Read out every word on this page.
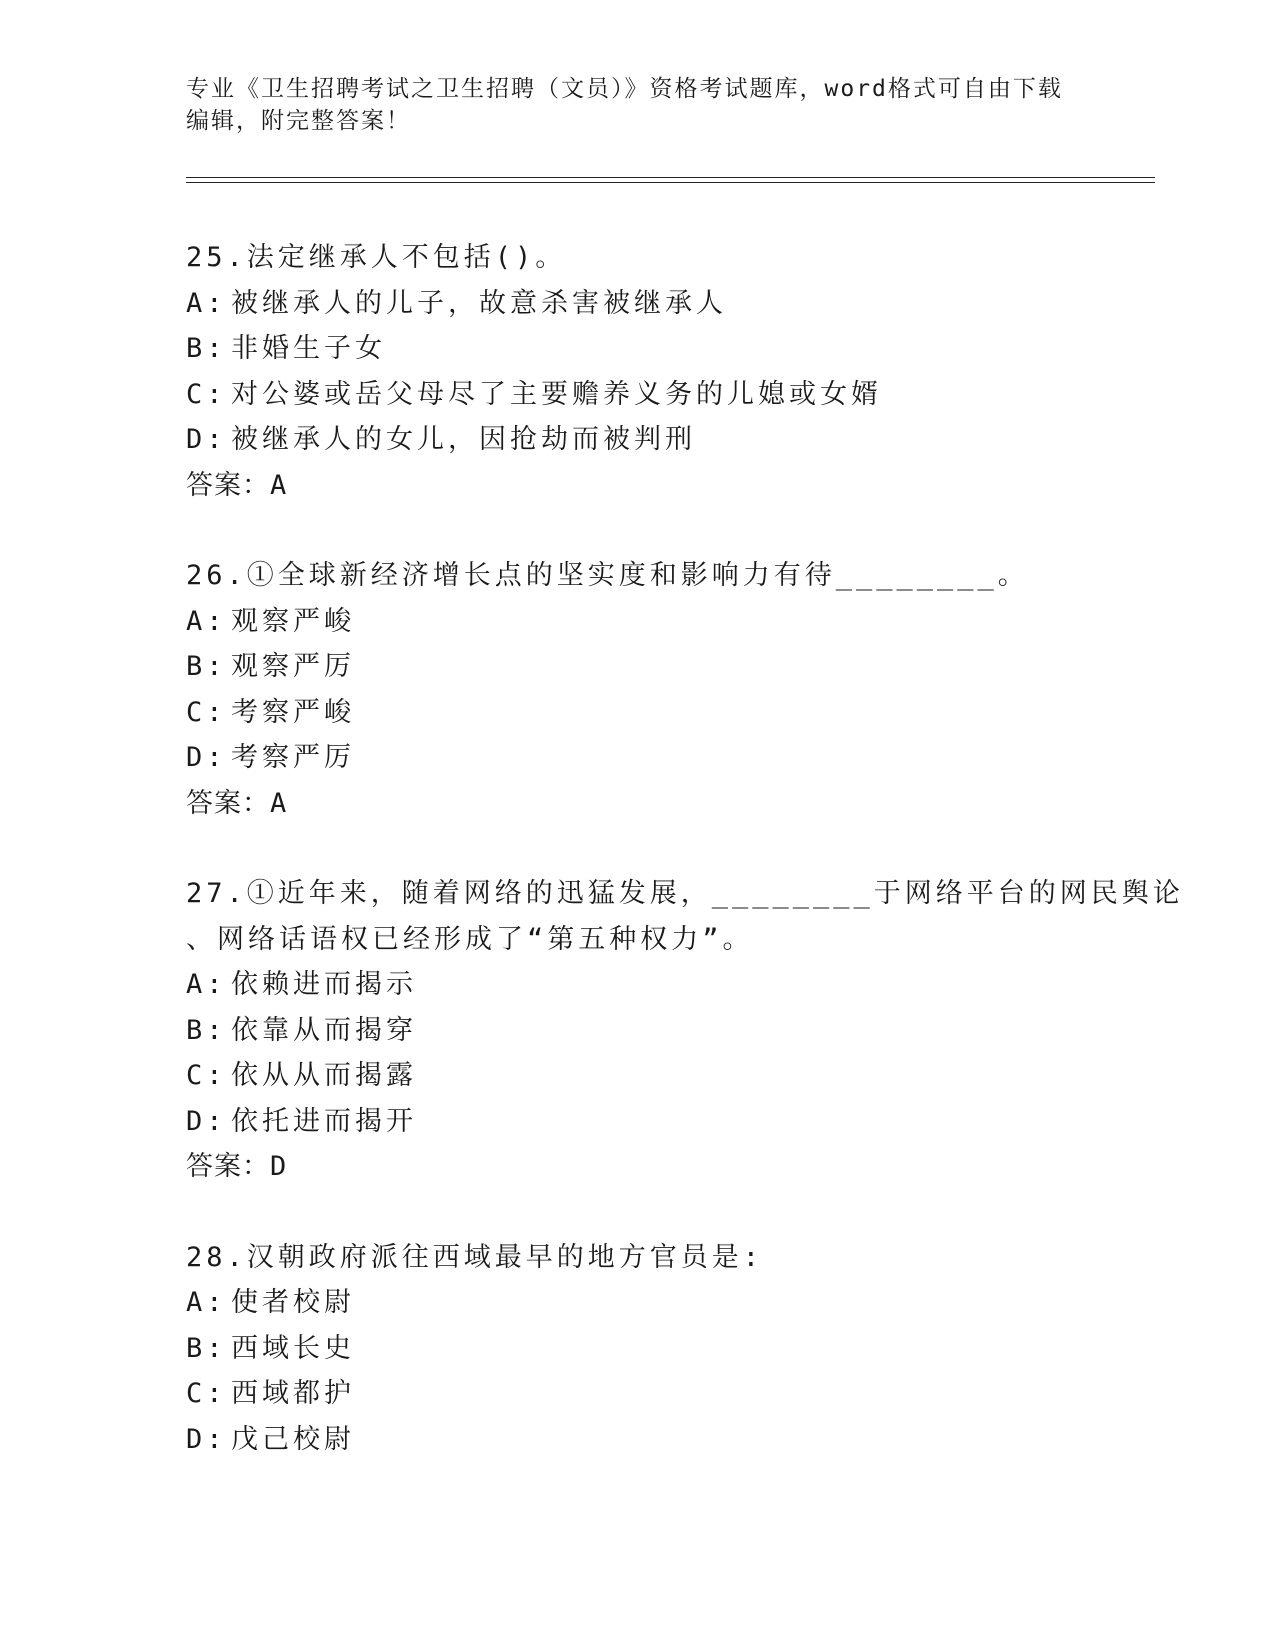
专业《卫生招聘考试之卫生招聘（文员）》资格考试题库，word格式可自由下载
编辑，附完整答案！
25.法定继承人不包括()。
A: 被继承人的儿子，故意杀害被继承人
B: 非婚生子女
C: 对公婆或岳父母尽了主要赡养义务的儿媳或女婿
D: 被继承人的女儿，因抢劫而被判刑
答案：A
26.①全球新经济增长点的坚实度和影响力有待________。
A: 观察严峻
B: 观察严厉
C: 考察严峻
D: 考察严厉
答案：A
27.①近年来，随着网络的迅猛发展，________于网络平台的网民舆论
、网络话语权已经形成了“第五种权力”。
A: 依赖进而揭示
B: 依靠从而揭穿
C: 依从从而揭露
D: 依托进而揭开
答案：D
28.汉朝政府派往西域最早的地方官员是:
A: 使者校尉
B: 西域长史
C: 西域都护
D: 戊己校尉
